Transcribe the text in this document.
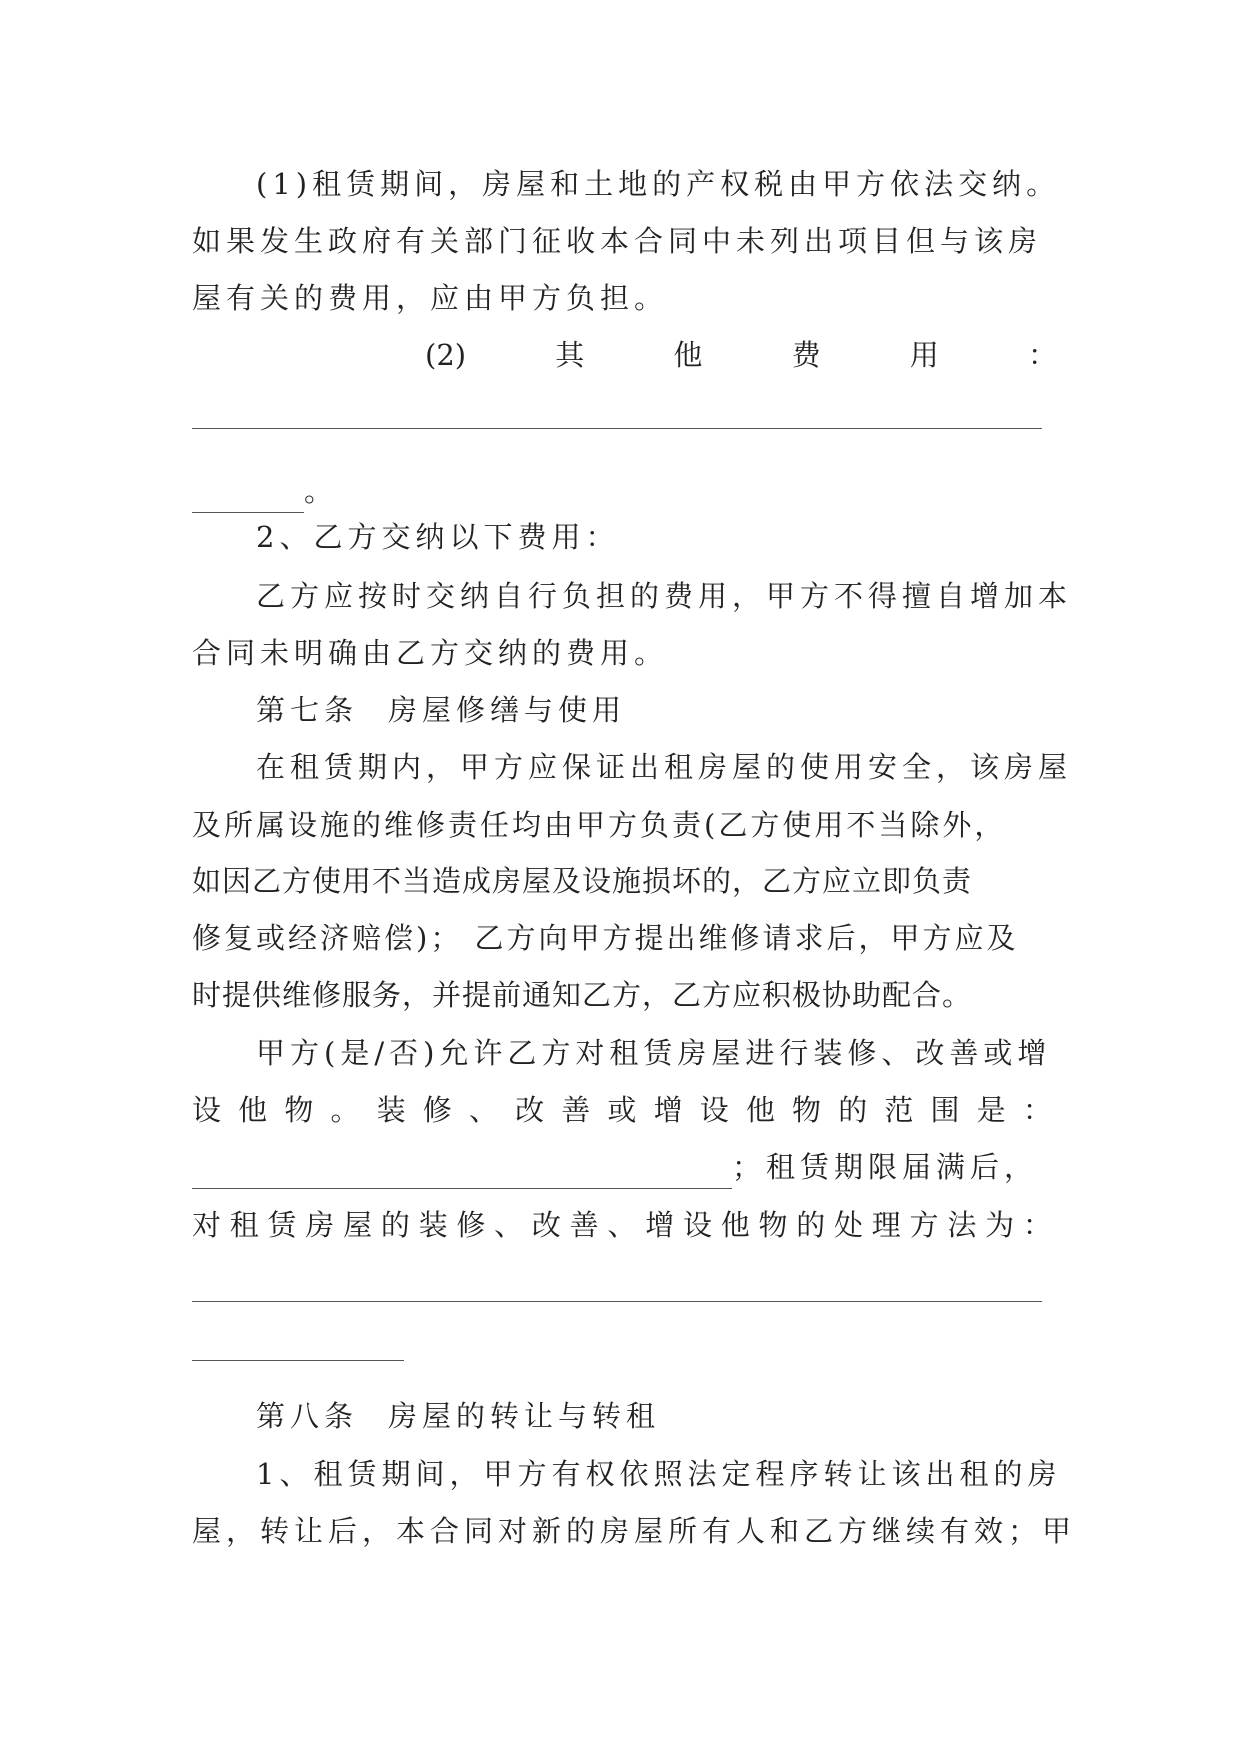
(1)租赁期间，房屋和土地的产权税由甲方依法交纳。
如果发生政府有关部门征收本合同中未列出项目但与该房
屋有关的费用，应由甲方负担。
(2)	其	他	费	用	：
。
2、乙方交纳以下费用：
乙方应按时交纳自行负担的费用，甲方不得擅自增加本
合同未明确由乙方交纳的费用。
第七条 房屋修缮与使用
在租赁期内，甲方应保证出租房屋的使用安全，该房屋
及所属设施的维修责任均由甲方负责(乙方使用不当除外，
如因乙方使用不当造成房屋及设施损坏的，乙方应立即负责
修复或经济赔偿)； 乙方向甲方提出维修请求后，甲方应及
时提供维修服务，并提前通知乙方，乙方应积极协助配合。
甲方(是/否)允许乙方对租赁房屋进行装修、改善或增
设 他 物 。 装 修 、 改 善 或 增 设 他 物 的 范 围 是 ：
；租赁期限届满后，
对 租 赁 房 屋 的 装 修 、 改 善 、 增 设 他 物 的 处 理 方 法 为 ：
第八条 房屋的转让与转租
1、租赁期间，甲方有权依照法定程序转让该出租的房
屋，转让后，本合同对新的房屋所有人和乙方继续有效；甲
